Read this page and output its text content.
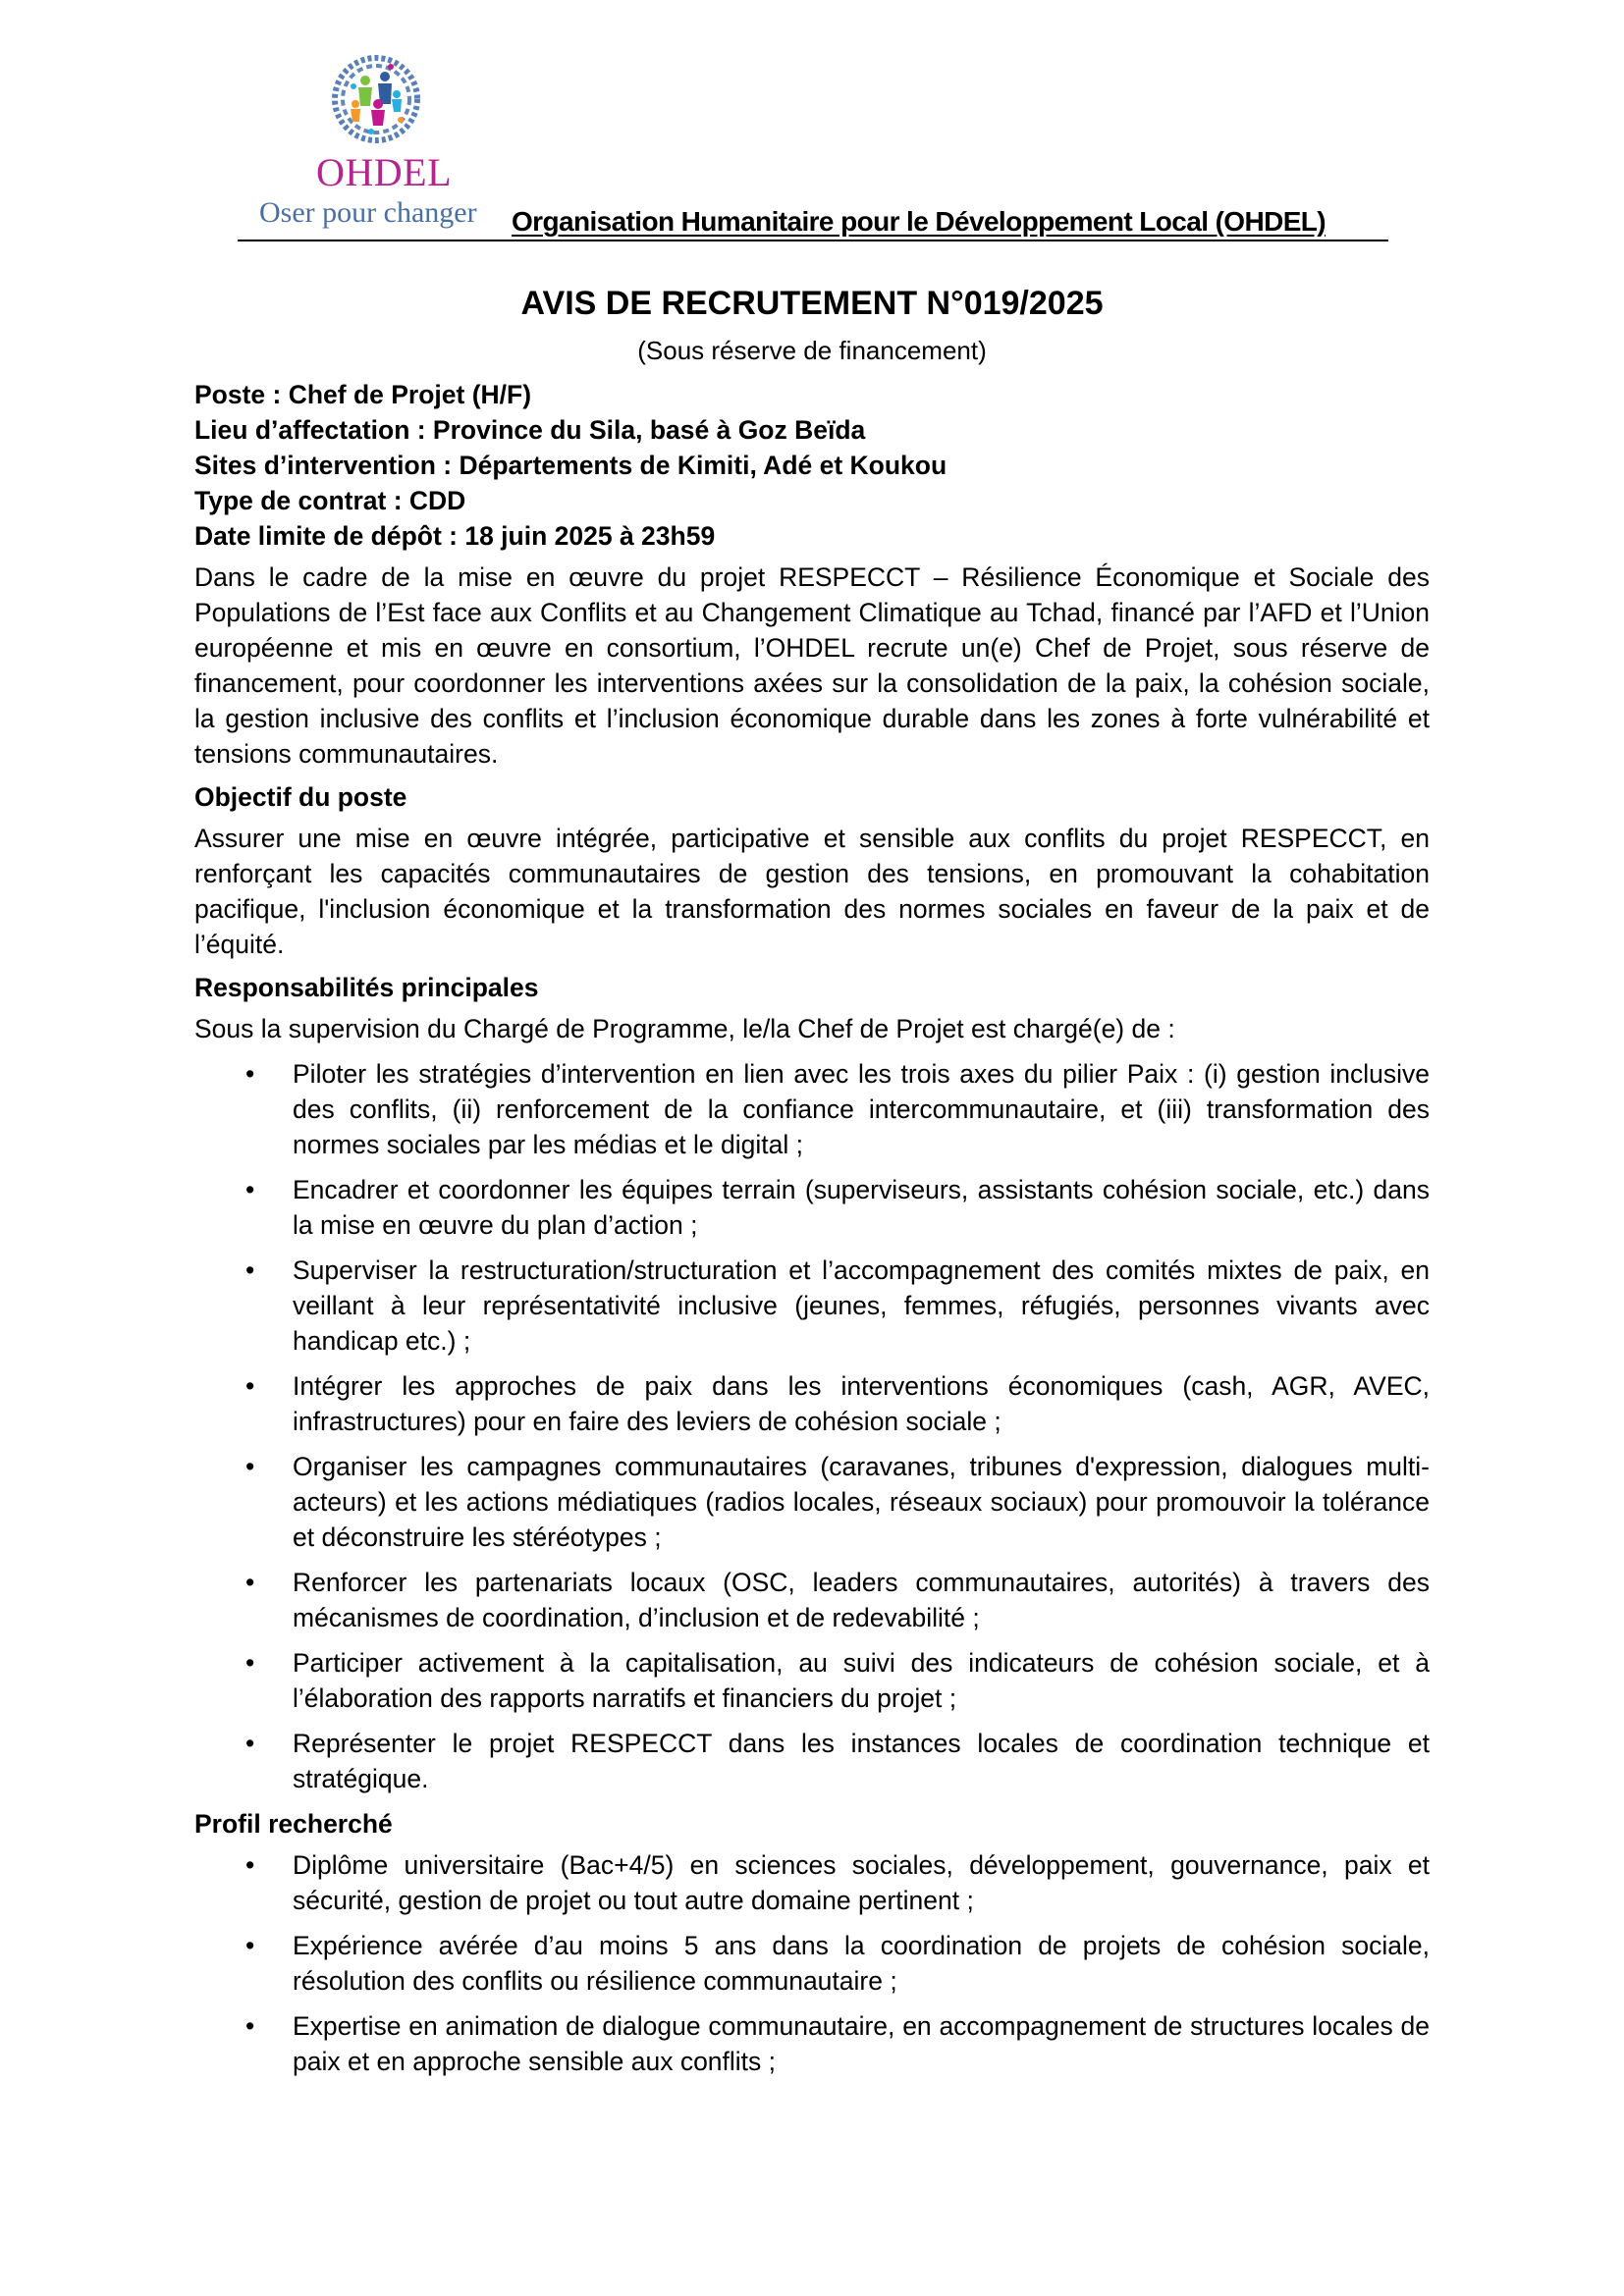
OHDEL
Oser pour changer Organisation Humanitaire pour le Développement Local (OHDEL)
AVIS DE RECRUTEMENT N°019/2025
(Sous réserve de financement)

Poste : Chef de Projet (H/F)

Lieu d’affectation : Province du Sila, basé à Goz Beïda

Sites d’intervention : Départements de Kimiti, Adé et Koukou

Type de contrat : CDD

Date limite de dépôt : 18 juin 2025 à 23h59

Dans le cadre de la mise en œuvre du projet RESPECCT – Résilience Économique et Sociale des Populations de l’Est face aux Conflits et au Changement Climatique au Tchad, financé par l’AFD et l’Union européenne et mis en œuvre en consortium, l’OHDEL recrute un(e) Chef de Projet, sous réserve de financement, pour coordonner les interventions axées sur la consolidation de la paix, la cohésion sociale, la gestion inclusive des conflits et l’inclusion économique durable dans les zones à forte vulnérabilité et tensions communautaires.

Objectif du poste

Assurer une mise en œuvre intégrée, participative et sensible aux conflits du projet RESPECCT, en renforçant les capacités communautaires de gestion des tensions, en promouvant la cohabitation pacifique, l'inclusion économique et la transformation des normes sociales en faveur de la paix et de l’équité.

Responsabilités principales

Sous la supervision du Chargé de Programme, le/la Chef de Projet est chargé(e) de :

• Piloter les stratégies d’intervention en lien avec les trois axes du pilier Paix : (i) gestion inclusive des conflits, (ii) renforcement de la confiance intercommunautaire, et (iii) transformation des normes sociales par les médias et le digital ;
• Encadrer et coordonner les équipes terrain (superviseurs, assistants cohésion sociale, etc.) dans la mise en œuvre du plan d’action ;
• Superviser la restructuration/structuration et l’accompagnement des comités mixtes de paix, en veillant à leur représentativité inclusive (jeunes, femmes, réfugiés, personnes vivants avec handicap etc.) ;
• Intégrer les approches de paix dans les interventions économiques (cash, AGR, AVEC, infrastructures) pour en faire des leviers de cohésion sociale ;
• Organiser les campagnes communautaires (caravanes, tribunes d'expression, dialogues multi-acteurs) et les actions médiatiques (radios locales, réseaux sociaux) pour promouvoir la tolérance et déconstruire les stéréotypes ;
• Renforcer les partenariats locaux (OSC, leaders communautaires, autorités) à travers des mécanismes de coordination, d’inclusion et de redevabilité ;
• Participer activement à la capitalisation, au suivi des indicateurs de cohésion sociale, et à l’élaboration des rapports narratifs et financiers du projet ;
• Représenter le projet RESPECCT dans les instances locales de coordination technique et stratégique.

Profil recherché

• Diplôme universitaire (Bac+4/5) en sciences sociales, développement, gouvernance, paix et sécurité, gestion de projet ou tout autre domaine pertinent ;
• Expérience avérée d’au moins 5 ans dans la coordination de projets de cohésion sociale, résolution des conflits ou résilience communautaire ;
• Expertise en animation de dialogue communautaire, en accompagnement de structures locales de paix et en approche sensible aux conflits ;
